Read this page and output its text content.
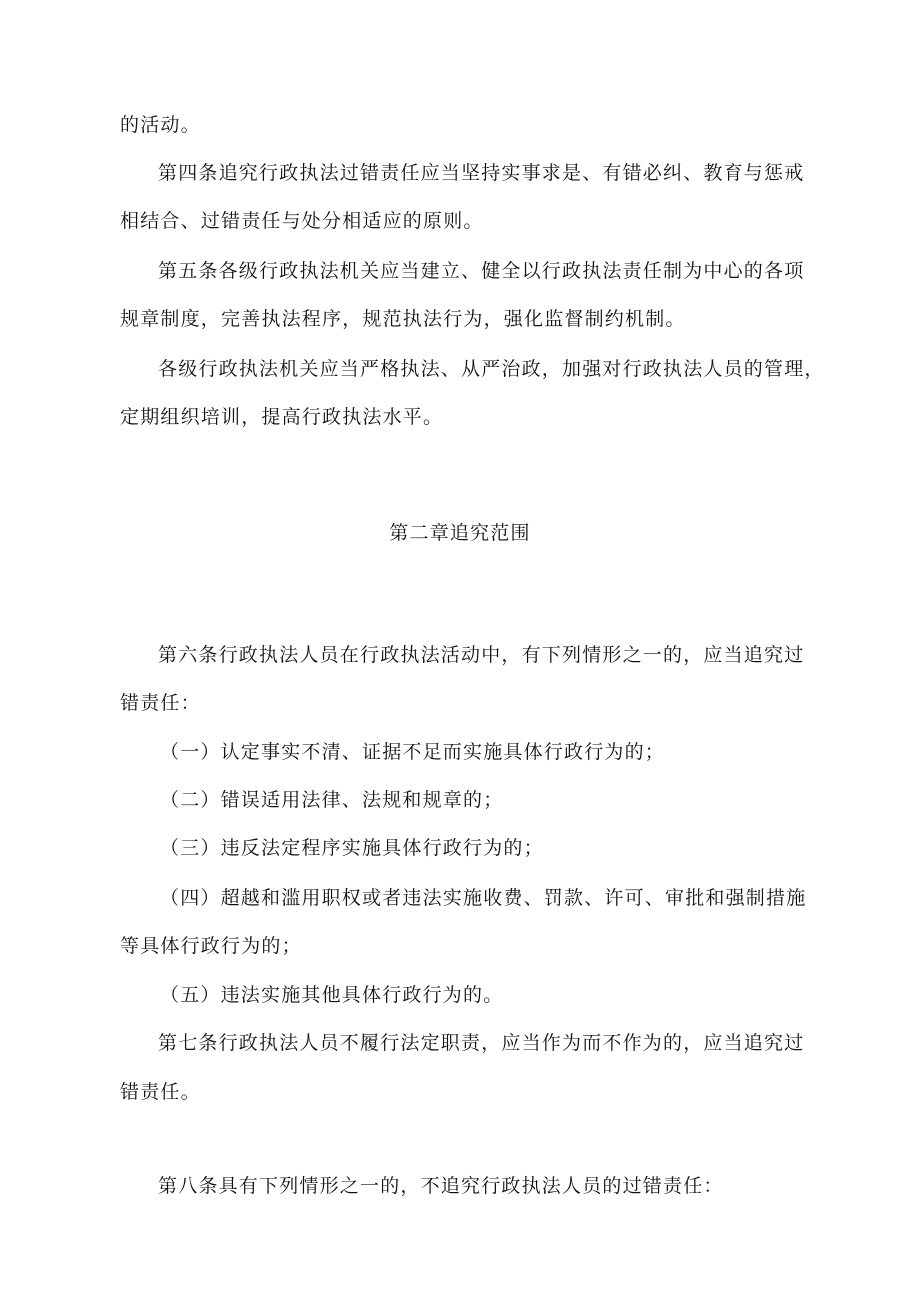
的活动。
第四条追究行政执法过错责任应当坚持实事求是、有错必纠、教育与惩戒
相结合、过错责任与处分相适应的原则。
第五条各级行政执法机关应当建立、健全以行政执法责任制为中心的各项
规章制度，完善执法程序，规范执法行为，强化监督制约机制。
各级行政执法机关应当严格执法、从严治政，加强对行政执法人员的管理，
定期组织培训，提高行政执法水平。
第二章追究范围
第六条行政执法人员在行政执法活动中，有下列情形之一的，应当追究过
错责任：
（一）认定事实不清、证据不足而实施具体行政行为的；
（二）错误适用法律、法规和规章的；
（三）违反法定程序实施具体行政行为的；
（四）超越和滥用职权或者违法实施收费、罚款、许可、审批和强制措施
等具体行政行为的；
（五）违法实施其他具体行政行为的。
第七条行政执法人员不履行法定职责，应当作为而不作为的，应当追究过
错责任。
第八条具有下列情形之一的，不追究行政执法人员的过错责任：
